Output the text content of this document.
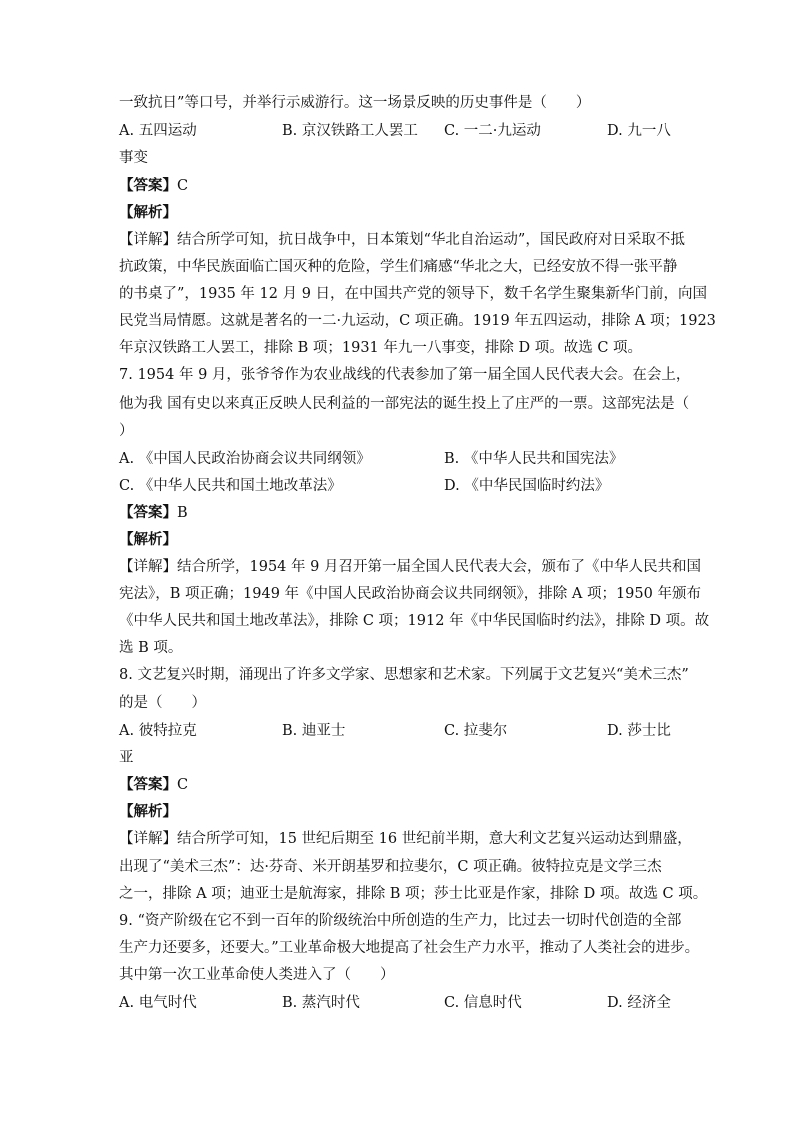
一致抗日”等口号，并举行示威游行。这一场景反映的历史事件是（　　）
A. 五四运动	B. 京汉铁路工人罢工 C. 一二·九运动	D. 九一八
事变
【答案】C
【解析】
【详解】结合所学可知，抗日战争中，日本策划“华北自治运动”，国民政府对日采取不抵
抗政策，中华民族面临亡国灭种的危险，学生们痛感“华北之大，已经安放不得一张平静
的书桌了”，1935 年 12 月 9 日，在中国共产党的领导下，数千名学生聚集新华门前，向国
民党当局情愿。这就是著名的一二·九运动，C 项正确。1919 年五四运动，排除 A 项；1923
年京汉铁路工人罢工，排除 B 项；1931 年九一八事变，排除 D 项。故选 C 项。
7. 1954 年 9 月，张爷爷作为农业战线的代表参加了第一届全国人民代表大会。在会上，
他为我 国有史以来真正反映人民利益的一部宪法的诞生投上了庄严的一票。这部宪法是（
）
A. 《中国人民政治协商会议共同纲领》	B. 《中华人民共和国宪法》
C. 《中华人民共和国土地改革法》	D. 《中华民国临时约法》
【答案】B
【解析】
【详解】结合所学，1954 年 9 月召开第一届全国人民代表大会，颁布了《中华人民共和国
宪法》，B 项正确；1949 年《中国人民政治协商会议共同纲领》，排除 A 项；1950 年颁布
《中华人民共和国土地改革法》，排除 C 项；1912 年《中华民国临时约法》，排除 D 项。故
选 B 项。
8. 文艺复兴时期，涌现出了许多文学家、思想家和艺术家。下列属于文艺复兴“美术三杰”
的是（　　）
A. 彼特拉克	B. 迪亚士	C. 拉斐尔	D. 莎士比
亚
【答案】C
【解析】
【详解】结合所学可知，15 世纪后期至 16 世纪前半期，意大利文艺复兴运动达到鼎盛，
出现了“美术三杰”：达·芬奇、米开朗基罗和拉斐尔，C 项正确。彼特拉克是文学三杰
之一，排除 A 项；迪亚士是航海家，排除 B 项；莎士比亚是作家，排除 D 项。故选 C 项。
9. “资产阶级在它不到一百年的阶级统治中所创造的生产力，比过去一切时代创造的全部
生产力还要多，还要大。”工业革命极大地提高了社会生产力水平，推动了人类社会的进步。
其中第一次工业革命使人类进入了（　　）
A. 电气时代	B. 蒸汽时代	C. 信息时代	D. 经济全
